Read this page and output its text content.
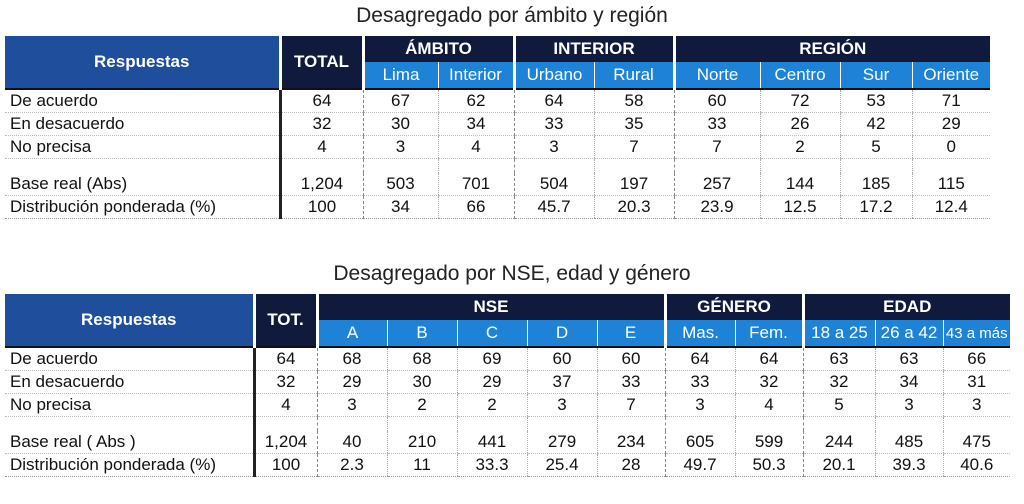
Desagregado por ámbito y región
Respuestas	TOTAL	ÁMBITO		INTERIOR		REGIÓN			
		Lima	Interior	Urbano	Rural	Norte	Centro	Sur	Oriente
De acuerdo	64	67	62	64	58	60	72	53	71
En desacuerdo	32	30	34	33	35	33	26	42	29
No precisa	4	3	4	3	7	7	2	5	0

Base real (Abs)	1,204	503	701	504	197	257	144	185	115
Distribución ponderada (%)	100	34	66	45.7	20.3	23.9	12.5	17.2	12.4
Desagregado por NSE, edad y género
Respuestas	TOT.	NSE					GÉNERO		EDAD		
		A	B	C	D	E	Mas.	Fem.	18 a 25	26 a 42	43 a más
De acuerdo	64	68	68	69	60	60	64	64	63	63	66
En desacuerdo	32	29	30	29	37	33	33	32	32	34	31
No precisa	4	3	2	2	3	7	3	4	5	3	3

Base real ( Abs )	1,204	40	210	441	279	234	605	599	244	485	475
Distribución ponderada (%)	100	2.3	11	33.3	25.4	28	49.7	50.3	20.1	39.3	40.6
